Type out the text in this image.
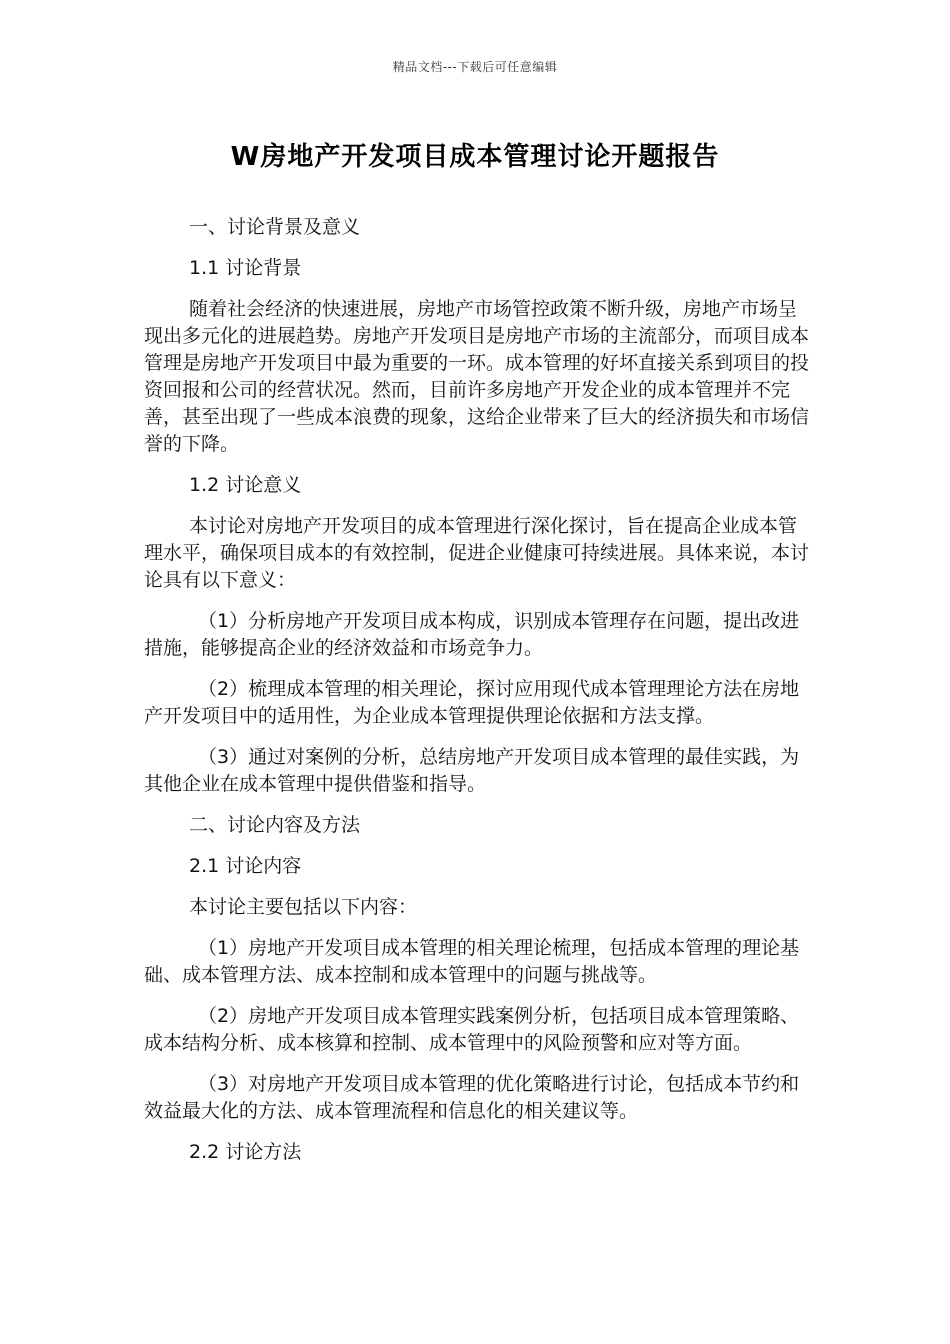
精品文档---下载后可任意编辑
W房地产开发项目成本管理讨论开题报告

一、讨论背景及意义

1.1 讨论背景

随着社会经济的快速进展，房地产市场管控政策不断升级，房地产市场呈现出多元化的进展趋势。房地产开发项目是房地产市场的主流部分，而项目成本管理是房地产开发项目中最为重要的一环。成本管理的好坏直接关系到项目的投资回报和公司的经营状况。然而，目前许多房地产开发企业的成本管理并不完善，甚至出现了一些成本浪费的现象，这给企业带来了巨大的经济损失和市场信誉的下降。

1.2 讨论意义

本讨论对房地产开发项目的成本管理进行深化探讨，旨在提高企业成本管理水平，确保项目成本的有效控制，促进企业健康可持续进展。具体来说，本讨论具有以下意义：

（1）分析房地产开发项目成本构成，识别成本管理存在问题，提出改进措施，能够提高企业的经济效益和市场竞争力。

（2）梳理成本管理的相关理论，探讨应用现代成本管理理论方法在房地产开发项目中的适用性，为企业成本管理提供理论依据和方法支撑。

（3）通过对案例的分析，总结房地产开发项目成本管理的最佳实践，为其他企业在成本管理中提供借鉴和指导。

二、讨论内容及方法

2.1 讨论内容

本讨论主要包括以下内容：

（1）房地产开发项目成本管理的相关理论梳理，包括成本管理的理论基础、成本管理方法、成本控制和成本管理中的问题与挑战等。

（2）房地产开发项目成本管理实践案例分析，包括项目成本管理策略、成本结构分析、成本核算和控制、成本管理中的风险预警和应对等方面。

（3）对房地产开发项目成本管理的优化策略进行讨论，包括成本节约和效益最大化的方法、成本管理流程和信息化的相关建议等。

2.2 讨论方法
